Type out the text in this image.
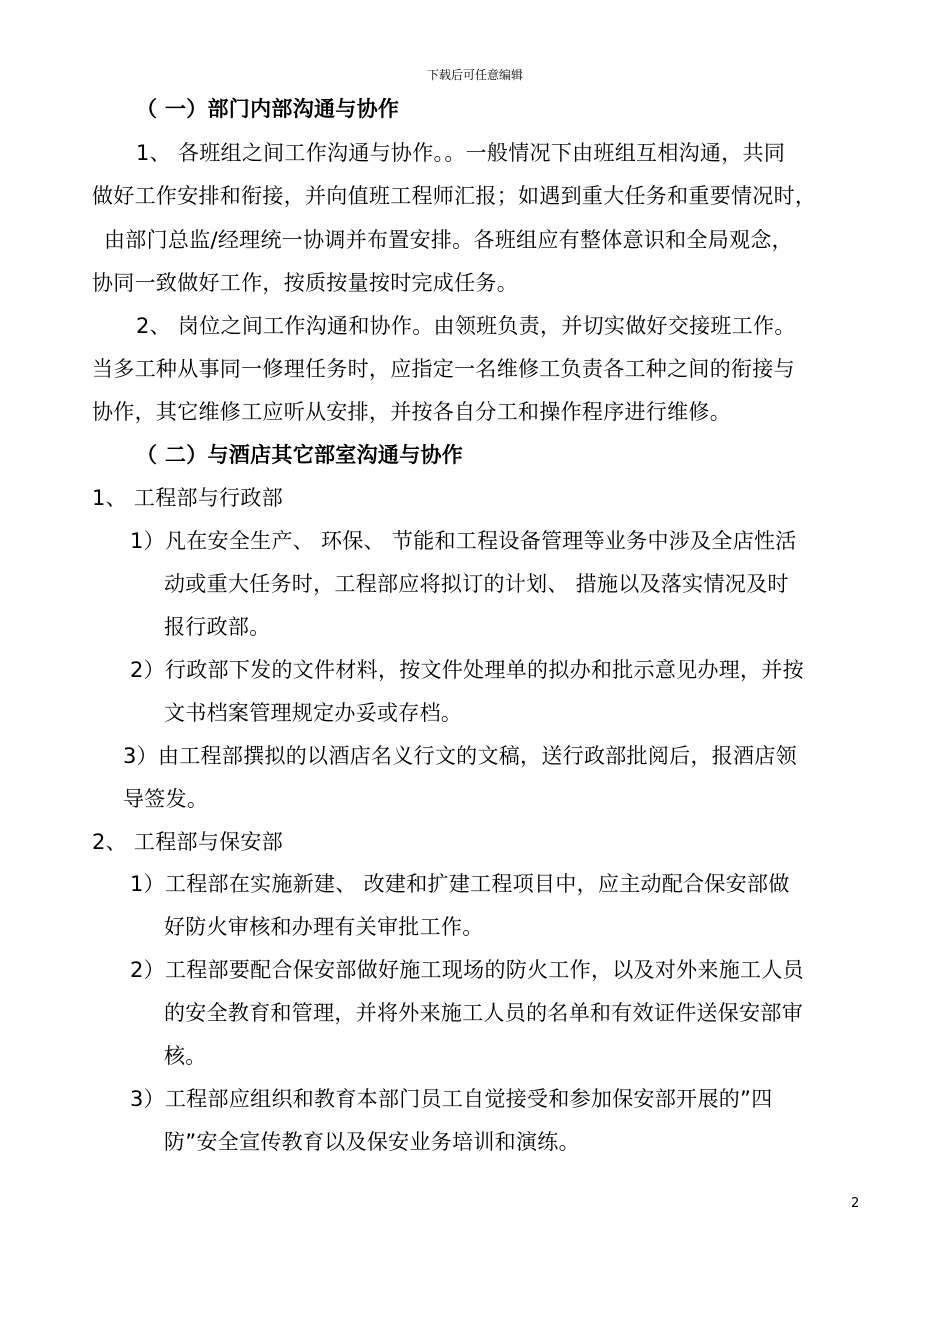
下载后可任意编辑
（ 一）部门内部沟通与协作
1、 各班组之间工作沟通与协作。。一般情况下由班组互相沟通，共同
做好工作安排和衔接，并向值班工程师汇报；如遇到重大任务和重要情况时，
由部门总监/经理统一协调并布置安排。各班组应有整体意识和全局观念，
协同一致做好工作，按质按量按时完成任务。
2、 岗位之间工作沟通和协作。由领班负责，并切实做好交接班工作。
当多工种从事同一修理任务时，应指定一名维修工负责各工种之间的衔接与
协作，其它维修工应听从安排，并按各自分工和操作程序进行维修。
（ 二）与酒店其它部室沟通与协作
1、 工程部与行政部
1）凡在安全生产、 环保、 节能和工程设备管理等业务中涉及全店性活
动或重大任务时，工程部应将拟订的计划、 措施以及落实情况及时
报行政部。
2）行政部下发的文件材料，按文件处理单的拟办和批示意见办理，并按
文书档案管理规定办妥或存档。
3）由工程部撰拟的以酒店名义行文的文稿，送行政部批阅后，报酒店领
导签发。
2、 工程部与保安部
1）工程部在实施新建、 改建和扩建工程项目中，应主动配合保安部做
好防火审核和办理有关审批工作。
2）工程部要配合保安部做好施工现场的防火工作，以及对外来施工人员
的安全教育和管理，并将外来施工人员的名单和有效证件送保安部审
核。
3）工程部应组织和教育本部门员工自觉接受和参加保安部开展的”四
防”安全宣传教育以及保安业务培训和演练。
2
